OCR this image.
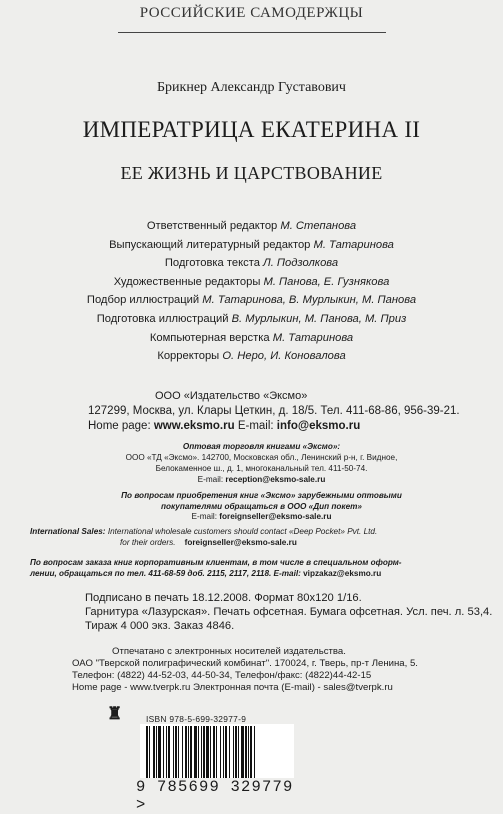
РОССИЙСКИЕ САМОДЕРЖЦЫ
Брикнер Александр Густавович
ИМПЕРАТРИЦА ЕКАТЕРИНА II
ЕЕ ЖИЗНЬ И ЦАРСТВОВАНИЕ
Ответственный редактор М. Степанова
Выпускающий литературный редактор М. Татаринова
Подготовка текста Л. Подзолкова
Художественные редакторы М. Панова, Е. Гузнякова
Подбор иллюстраций М. Татаринова, В. Мурлыкин, М. Панова
Подготовка иллюстраций В. Мурлыкин, М. Панова, М. Приз
Компьютерная верстка М. Татаринова
Корректоры О. Неро, И. Коновалова
ООО «Издательство «Эксмо»
127299, Москва, ул. Клары Цеткин, д. 18/5. Тел. 411-68-86, 956-39-21.
Home page: www.eksmo.ru E-mail: info@eksmo.ru
Оптовая торговля книгами «Эксмо»:
ООО «ТД «Эксмо». 142700, Московская обл., Ленинский р-н, г. Видное,
Белокаменное ш., д. 1, многоканальный тел. 411-50-74.
E-mail: reception@eksmo-sale.ru
По вопросам приобретения книг «Эксмо» зарубежными оптовыми
покупателями обращаться в ООО «Дип покет»
E-mail: foreignseller@eksmo-sale.ru
International Sales: International wholesale customers should contact «Deep Pocket» Pvt. Ltd.
for their orders. foreignseller@eksmo-sale.ru
По вопросам заказа книг корпоративным клиентам, в том числе в специальном оформ-
лении, обращаться по тел. 411-68-59 доб. 2115, 2117, 2118. E-mail: vipzakaz@eksmo.ru
Подписано в печать 18.12.2008. Формат 80x120 1/16.
Гарнитура «Лазурская». Печать офсетная. Бумага офсетная. Усл. печ. л. 53,4.
Тираж 4 000 экз. Заказ 4846.
Отпечатано с электронных носителей издательства.
ОАО "Тверской полиграфический комбинат". 170024, г. Тверь, пр-т Ленина, 5.
Телефон: (4822) 44-52-03, 44-50-34, Телефон/факс: (4822)44-42-15
Home page - www.tverpk.ru Электронная почта (E-mail) - sales@tverpk.ru
♜	ISBN 978-5-699-32977-9
9 785699 329779 >
